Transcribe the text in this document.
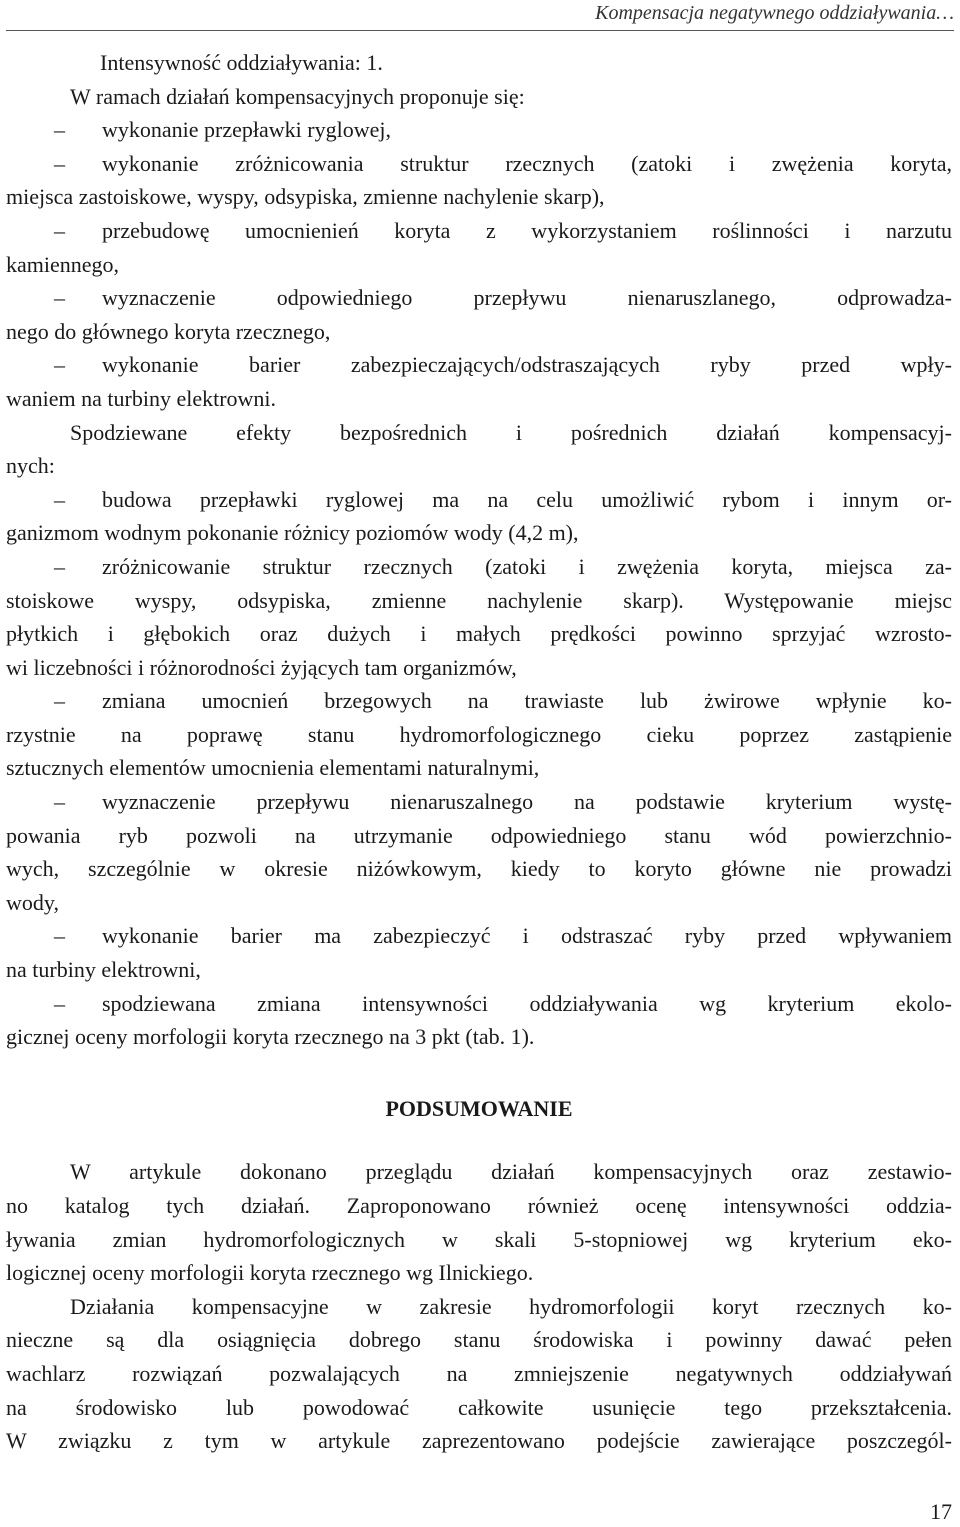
Kompensacja negatywnego oddziaływania…
Intensywność oddziaływania: 1.
W ramach działań kompensacyjnych proponuje się:
– wykonanie przepławki ryglowej,
– wykonanie zróżnicowania struktur rzecznych (zatoki i zwężenia koryta,
miejsca zastoiskowe, wyspy, odsypiska, zmienne nachylenie skarp),
– przebudowę umocnienień koryta z wykorzystaniem roślinności i narzutu
kamiennego,
– wyznaczenie odpowiedniego przepływu nienaruszlanego, odprowadza-
nego do głównego koryta rzecznego,
– wykonanie barier zabezpieczających/odstraszających ryby przed wpły-
waniem na turbiny elektrowni.
Spodziewane efekty bezpośrednich i pośrednich działań kompensacyj-
nych:
– budowa przepławki ryglowej ma na celu umożliwić rybom i innym or-
ganizmom wodnym pokonanie różnicy poziomów wody (4,2 m),
– zróżnicowanie struktur rzecznych (zatoki i zwężenia koryta, miejsca za-
stoiskowe wyspy, odsypiska, zmienne nachylenie skarp). Występowanie miejsc
płytkich i głębokich oraz dużych i małych prędkości powinno sprzyjać wzrosto-
wi liczebności i różnorodności żyjących tam organizmów,
– zmiana umocnień brzegowych na trawiaste lub żwirowe wpłynie ko-
rzystnie na poprawę stanu hydromorfologicznego cieku poprzez zastąpienie
sztucznych elementów umocnienia elementami naturalnymi,
– wyznaczenie przepływu nienaruszalnego na podstawie kryterium wystę-
powania ryb pozwoli na utrzymanie odpowiedniego stanu wód powierzchnio-
wych, szczególnie w okresie niżówkowym, kiedy to koryto główne nie prowadzi
wody,
– wykonanie barier ma zabezpieczyć i odstraszać ryby przed wpływaniem
na turbiny elektrowni,
– spodziewana zmiana intensywności oddziaływania wg kryterium ekolo-
gicznej oceny morfologii koryta rzecznego na 3 pkt (tab. 1).
PODSUMOWANIE
W artykule dokonano przeglądu działań kompensacyjnych oraz zestawio-
no katalog tych działań. Zaproponowano również ocenę intensywności oddzia-
ływania zmian hydromorfologicznych w skali 5-stopniowej wg kryterium eko-
logicznej oceny morfologii koryta rzecznego wg Ilnickiego.
Działania kompensacyjne w zakresie hydromorfologii koryt rzecznych ko-
nieczne są dla osiągnięcia dobrego stanu środowiska i powinny dawać pełen
wachlarz rozwiązań pozwalających na zmniejszenie negatywnych oddziaływań
na środowisko lub powodować całkowite usunięcie tego przekształcenia.
W związku z tym w artykule zaprezentowano podejście zawierające poszczegól-
17
